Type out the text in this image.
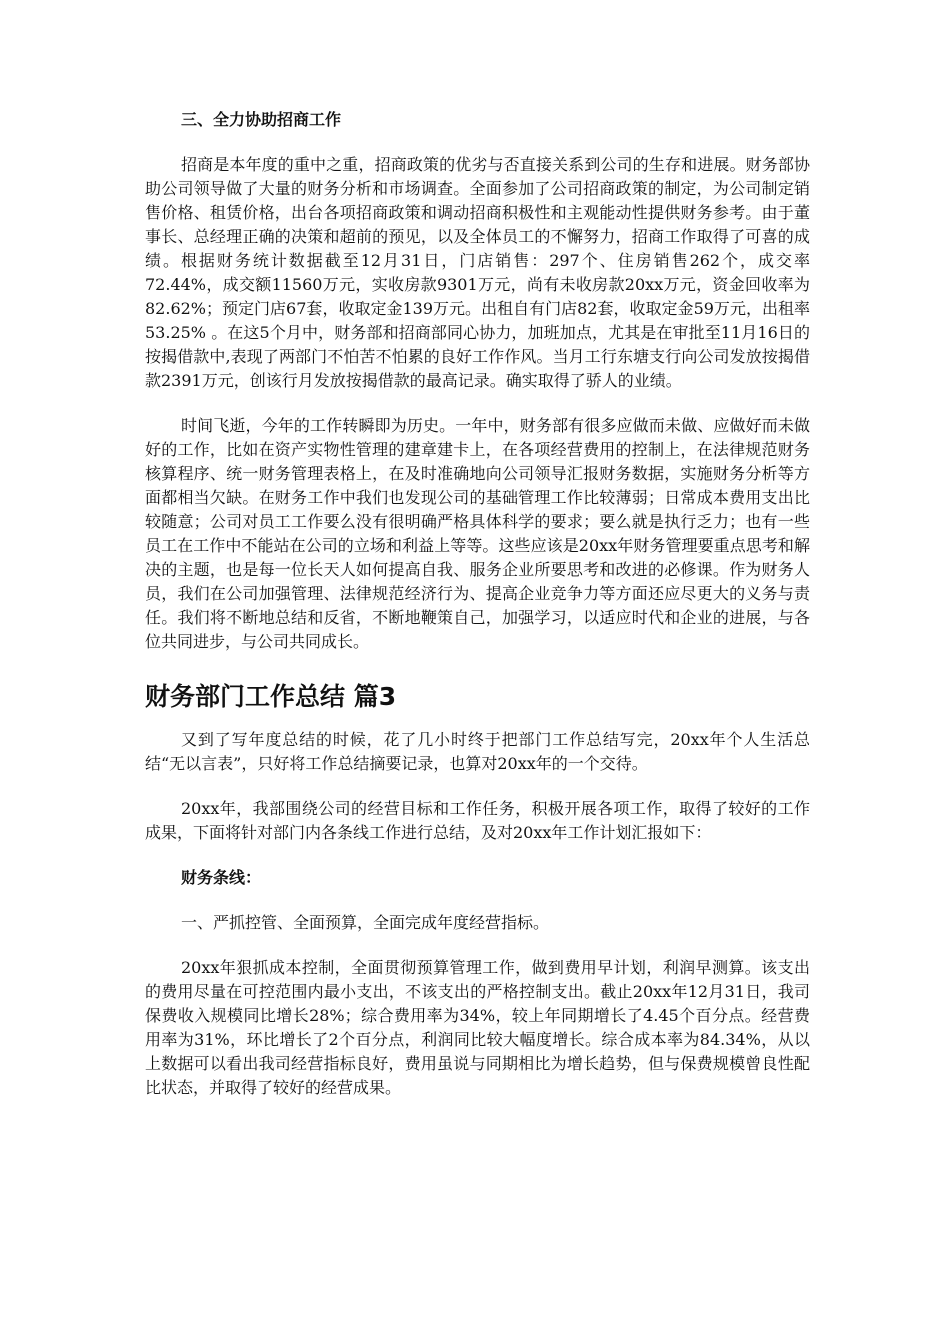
三、全力协助招商工作

招商是本年度的重中之重，招商政策的优劣与否直接关系到公司的生存和进展。财务部协助公司领导做了大量的财务分析和市场调查。全面参加了公司招商政策的制定，为公司制定销售价格、租赁价格，出台各项招商政策和调动招商积极性和主观能动性提供财务参考。由于董事长、总经理正确的决策和超前的预见，以及全体员工的不懈努力，招商工作取得了可喜的成绩。根据财务统计数据截至12月31日，门店销售：297个、住房销售262个，成交率72.44%，成交额11560万元，实收房款9301万元，尚有未收房款20xx万元，资金回收率为82.62%；预定门店67套，收取定金139万元。出租自有门店82套，收取定金59万元，出租率53.25% 。在这5个月中，财务部和招商部同心协力，加班加点，尤其是在审批至11月16日的按揭借款中,表现了两部门不怕苦不怕累的良好工作作风。当月工行东塘支行向公司发放按揭借款2391万元，创该行月发放按揭借款的最高记录。确实取得了骄人的业绩。

时间飞逝，今年的工作转瞬即为历史。一年中，财务部有很多应做而未做、应做好而未做好的工作，比如在资产实物性管理的建章建卡上，在各项经营费用的控制上，在法律规范财务核算程序、统一财务管理表格上，在及时准确地向公司领导汇报财务数据，实施财务分析等方面都相当欠缺。在财务工作中我们也发现公司的基础管理工作比较薄弱；日常成本费用支出比较随意；公司对员工工作要么没有很明确严格具体科学的要求；要么就是执行乏力；也有一些员工在工作中不能站在公司的立场和利益上等等。这些应该是20xx年财务管理要重点思考和解决的主题，也是每一位长天人如何提高自我、服务企业所要思考和改进的必修课。作为财务人员，我们在公司加强管理、法律规范经济行为、提高企业竞争力等方面还应尽更大的义务与责任。我们将不断地总结和反省，不断地鞭策自己，加强学习，以适应时代和企业的进展，与各位共同进步，与公司共同成长。

财务部门工作总结 篇3

又到了写年度总结的时候，花了几小时终于把部门工作总结写完，20xx年个人生活总结“无以言表”，只好将工作总结摘要记录，也算对20xx年的一个交待。

20xx年，我部围绕公司的经营目标和工作任务，积极开展各项工作，取得了较好的工作成果，下面将针对部门内各条线工作进行总结，及对20xx年工作计划汇报如下：

财务条线：
一、严抓控管、全面预算，全面完成年度经营指标。

20xx年狠抓成本控制，全面贯彻预算管理工作，做到费用早计划，利润早测算。该支出的费用尽量在可控范围内最小支出，不该支出的严格控制支出。截止20xx年12月31日，我司保费收入规模同比增长28%；综合费用率为34%，较上年同期增长了4.45个百分点。经营费用率为31%，环比增长了2个百分点，利润同比较大幅度增长。综合成本率为84.34%，从以上数据可以看出我司经营指标良好，费用虽说与同期相比为增长趋势，但与保费规模曾良性配比状态，并取得了较好的经营成果。
